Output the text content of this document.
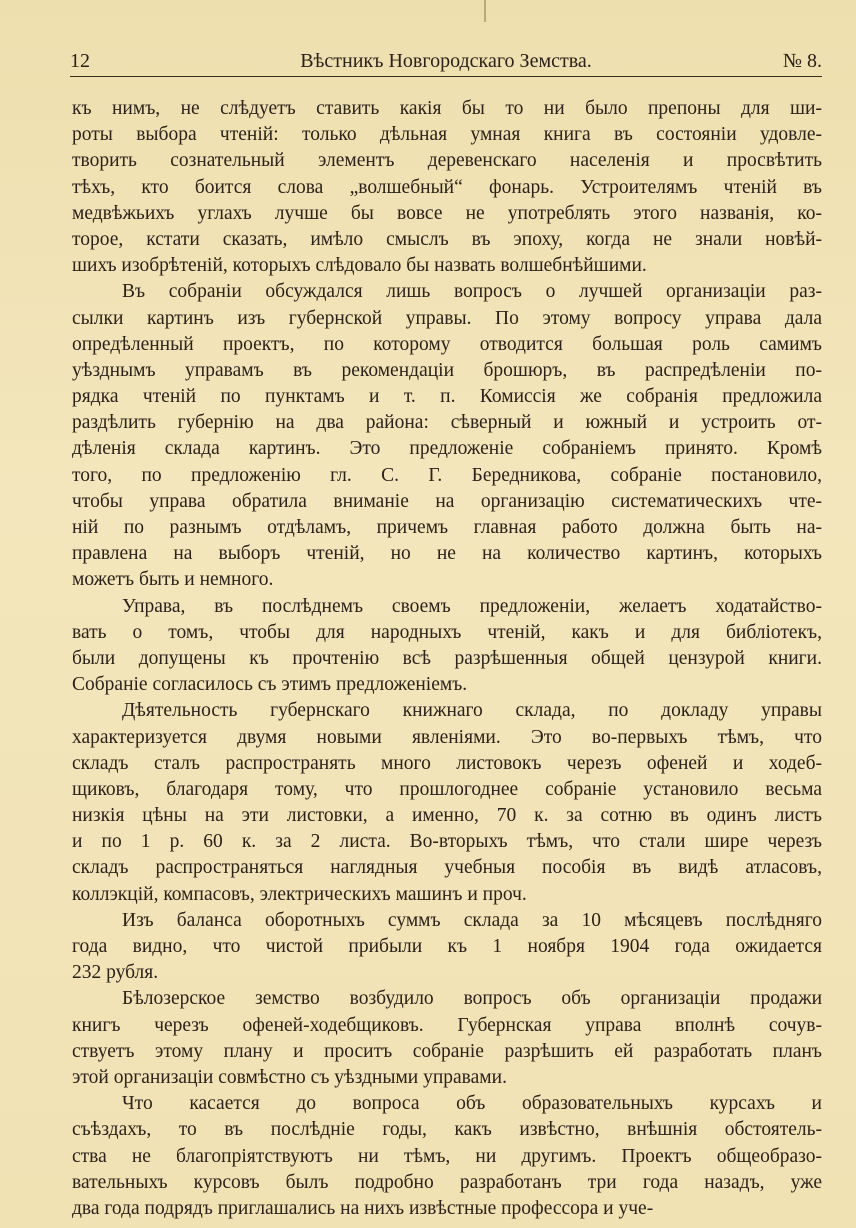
12	Вѣстникъ Новгородскаго Земства.	№ 8.
къ нимъ, не слѣдуетъ ставить какія бы то ни было препоны для ши-
роты выбора чтеній: только дѣльная умная книга въ состояніи удовле-
творить сознательный элементъ деревенскаго населенія и просвѣтить
тѣхъ, кто боится слова „волшебный“ фонарь. Устроителямъ чтеній въ
медвѣжьихъ углахъ лучше бы вовсе не употреблять этого названія, ко-
торое, кстати сказать, имѣло смыслъ въ эпоху, когда не знали новѣй-
шихъ изобрѣтеній, которыхъ слѣдовало бы назвать волшебнѣйшими.
Въ собраніи обсуждался лишь вопросъ о лучшей организаціи раз-
сылки картинъ изъ губернской управы. По этому вопросу управа дала
опредѣленный проектъ, по которому отводится большая роль самимъ
уѣзднымъ управамъ въ рекомендаціи брошюръ, въ распредѣленіи по-
рядка чтеній по пунктамъ и т. п. Комиссія же собранія предложила
раздѣлить губернію на два района: сѣверный и южный и устроить от-
дѣленія склада картинъ. Это предложеніе собраніемъ принято. Кромѣ
того, по предложенію гл. С. Г. Бередникова, собраніе постановило,
чтобы управа обратила вниманіе на организацію систематическихъ чте-
ній по разнымъ отдѣламъ, причемъ главная работо должна быть на-
правлена на выборъ чтеній, но не на количество картинъ, которыхъ
можетъ быть и немного.
Управа, въ послѣднемъ своемъ предложеніи, желаетъ ходатайство-
вать о томъ, чтобы для народныхъ чтеній, какъ и для библіотекъ,
были допущены къ прочтенію всѣ разрѣшенныя общей цензурой книги.
Собраніе согласилось съ этимъ предложеніемъ.
Дѣятельность губернскаго книжнаго склада, по докладу управы
характеризуется двумя новыми явленіями. Это во-первыхъ тѣмъ, что
складъ сталъ распространять много листовокъ черезъ офеней и ходеб-
щиковъ, благодаря тому, что прошлогоднее собраніе установило весьма
низкія цѣны на эти листовки, а именно, 70 к. за сотню въ одинъ листъ
и по 1 р. 60 к. за 2 листа. Во-вторыхъ тѣмъ, что стали шире черезъ
складъ распространяться наглядныя учебныя пособія въ видѣ атласовъ,
коллэкцій, компасовъ, электрическихъ машинъ и проч.
Изъ баланса оборотныхъ суммъ склада за 10 мѣсяцевъ послѣдняго
года видно, что чистой прибыли къ 1 ноября 1904 года ожидается
232 рубля.
Бѣлозерское земство возбудило вопросъ объ организаціи продажи
книгъ черезъ офеней-ходебщиковъ. Губернская управа вполнѣ сочув-
ствуетъ этому плану и проситъ собраніе разрѣшить ей разработать планъ
этой организаціи совмѣстно съ уѣздными управами.
Что касается до вопроса объ образовательныхъ курсахъ и
съѣздахъ, то въ послѣдніе годы, какъ извѣстно, внѣшнія обстоятель-
ства не благопріятствуютъ ни тѣмъ, ни другимъ. Проектъ общеобразо-
вательныхъ курсовъ былъ подробно разработанъ три года назадъ, уже
два года подрядъ приглашались на нихъ извѣстные профессора и уче-
